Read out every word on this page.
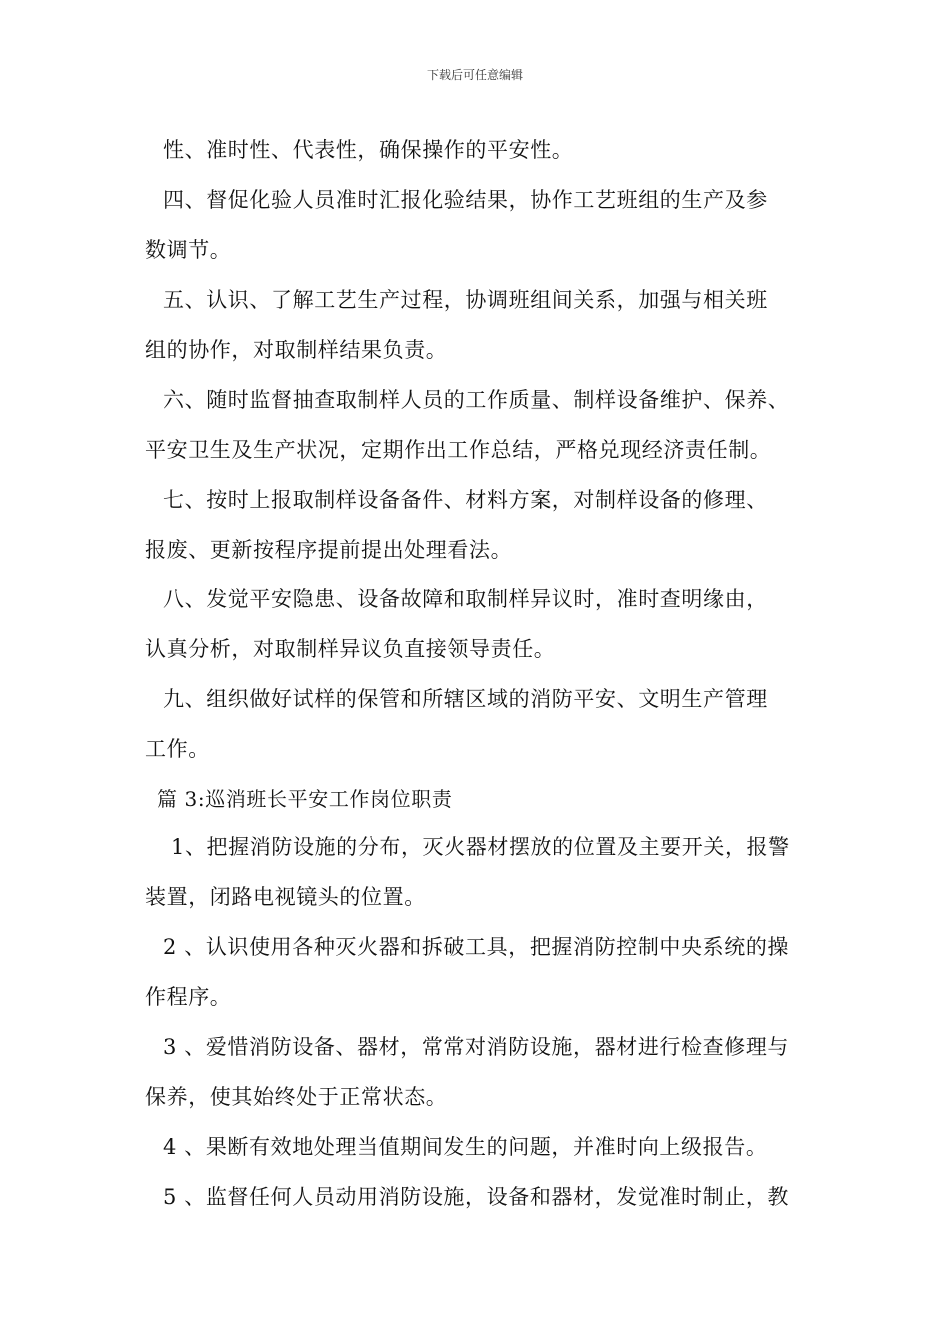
下载后可任意编辑
性、准时性、代表性，确保操作的平安性。
四、督促化验人员准时汇报化验结果，协作工艺班组的生产及参
数调节。
五、认识、了解工艺生产过程，协调班组间关系，加强与相关班
组的协作，对取制样结果负责。
六、随时监督抽查取制样人员的工作质量、制样设备维护、保养、
平安卫生及生产状况，定期作出工作总结，严格兑现经济责任制。
七、按时上报取制样设备备件、材料方案，对制样设备的修理、
报废、更新按程序提前提出处理看法。
八、发觉平安隐患、设备故障和取制样异议时，准时查明缘由，
认真分析，对取制样异议负直接领导责任。
九、组织做好试样的保管和所辖区域的消防平安、文明生产管理
工作。
篇 3:巡消班长平安工作岗位职责
1、把握消防设施的分布，灭火器材摆放的位置及主要开关，报警
装置，闭路电视镜头的位置。
2 、认识使用各种灭火器和拆破工具，把握消防控制中央系统的操
作程序。
3 、爱惜消防设备、器材，常常对消防设施，器材进行检查修理与
保养，使其始终处于正常状态。
4 、果断有效地处理当值期间发生的问题，并准时向上级报告。
5 、监督任何人员动用消防设施，设备和器材，发觉准时制止，教
